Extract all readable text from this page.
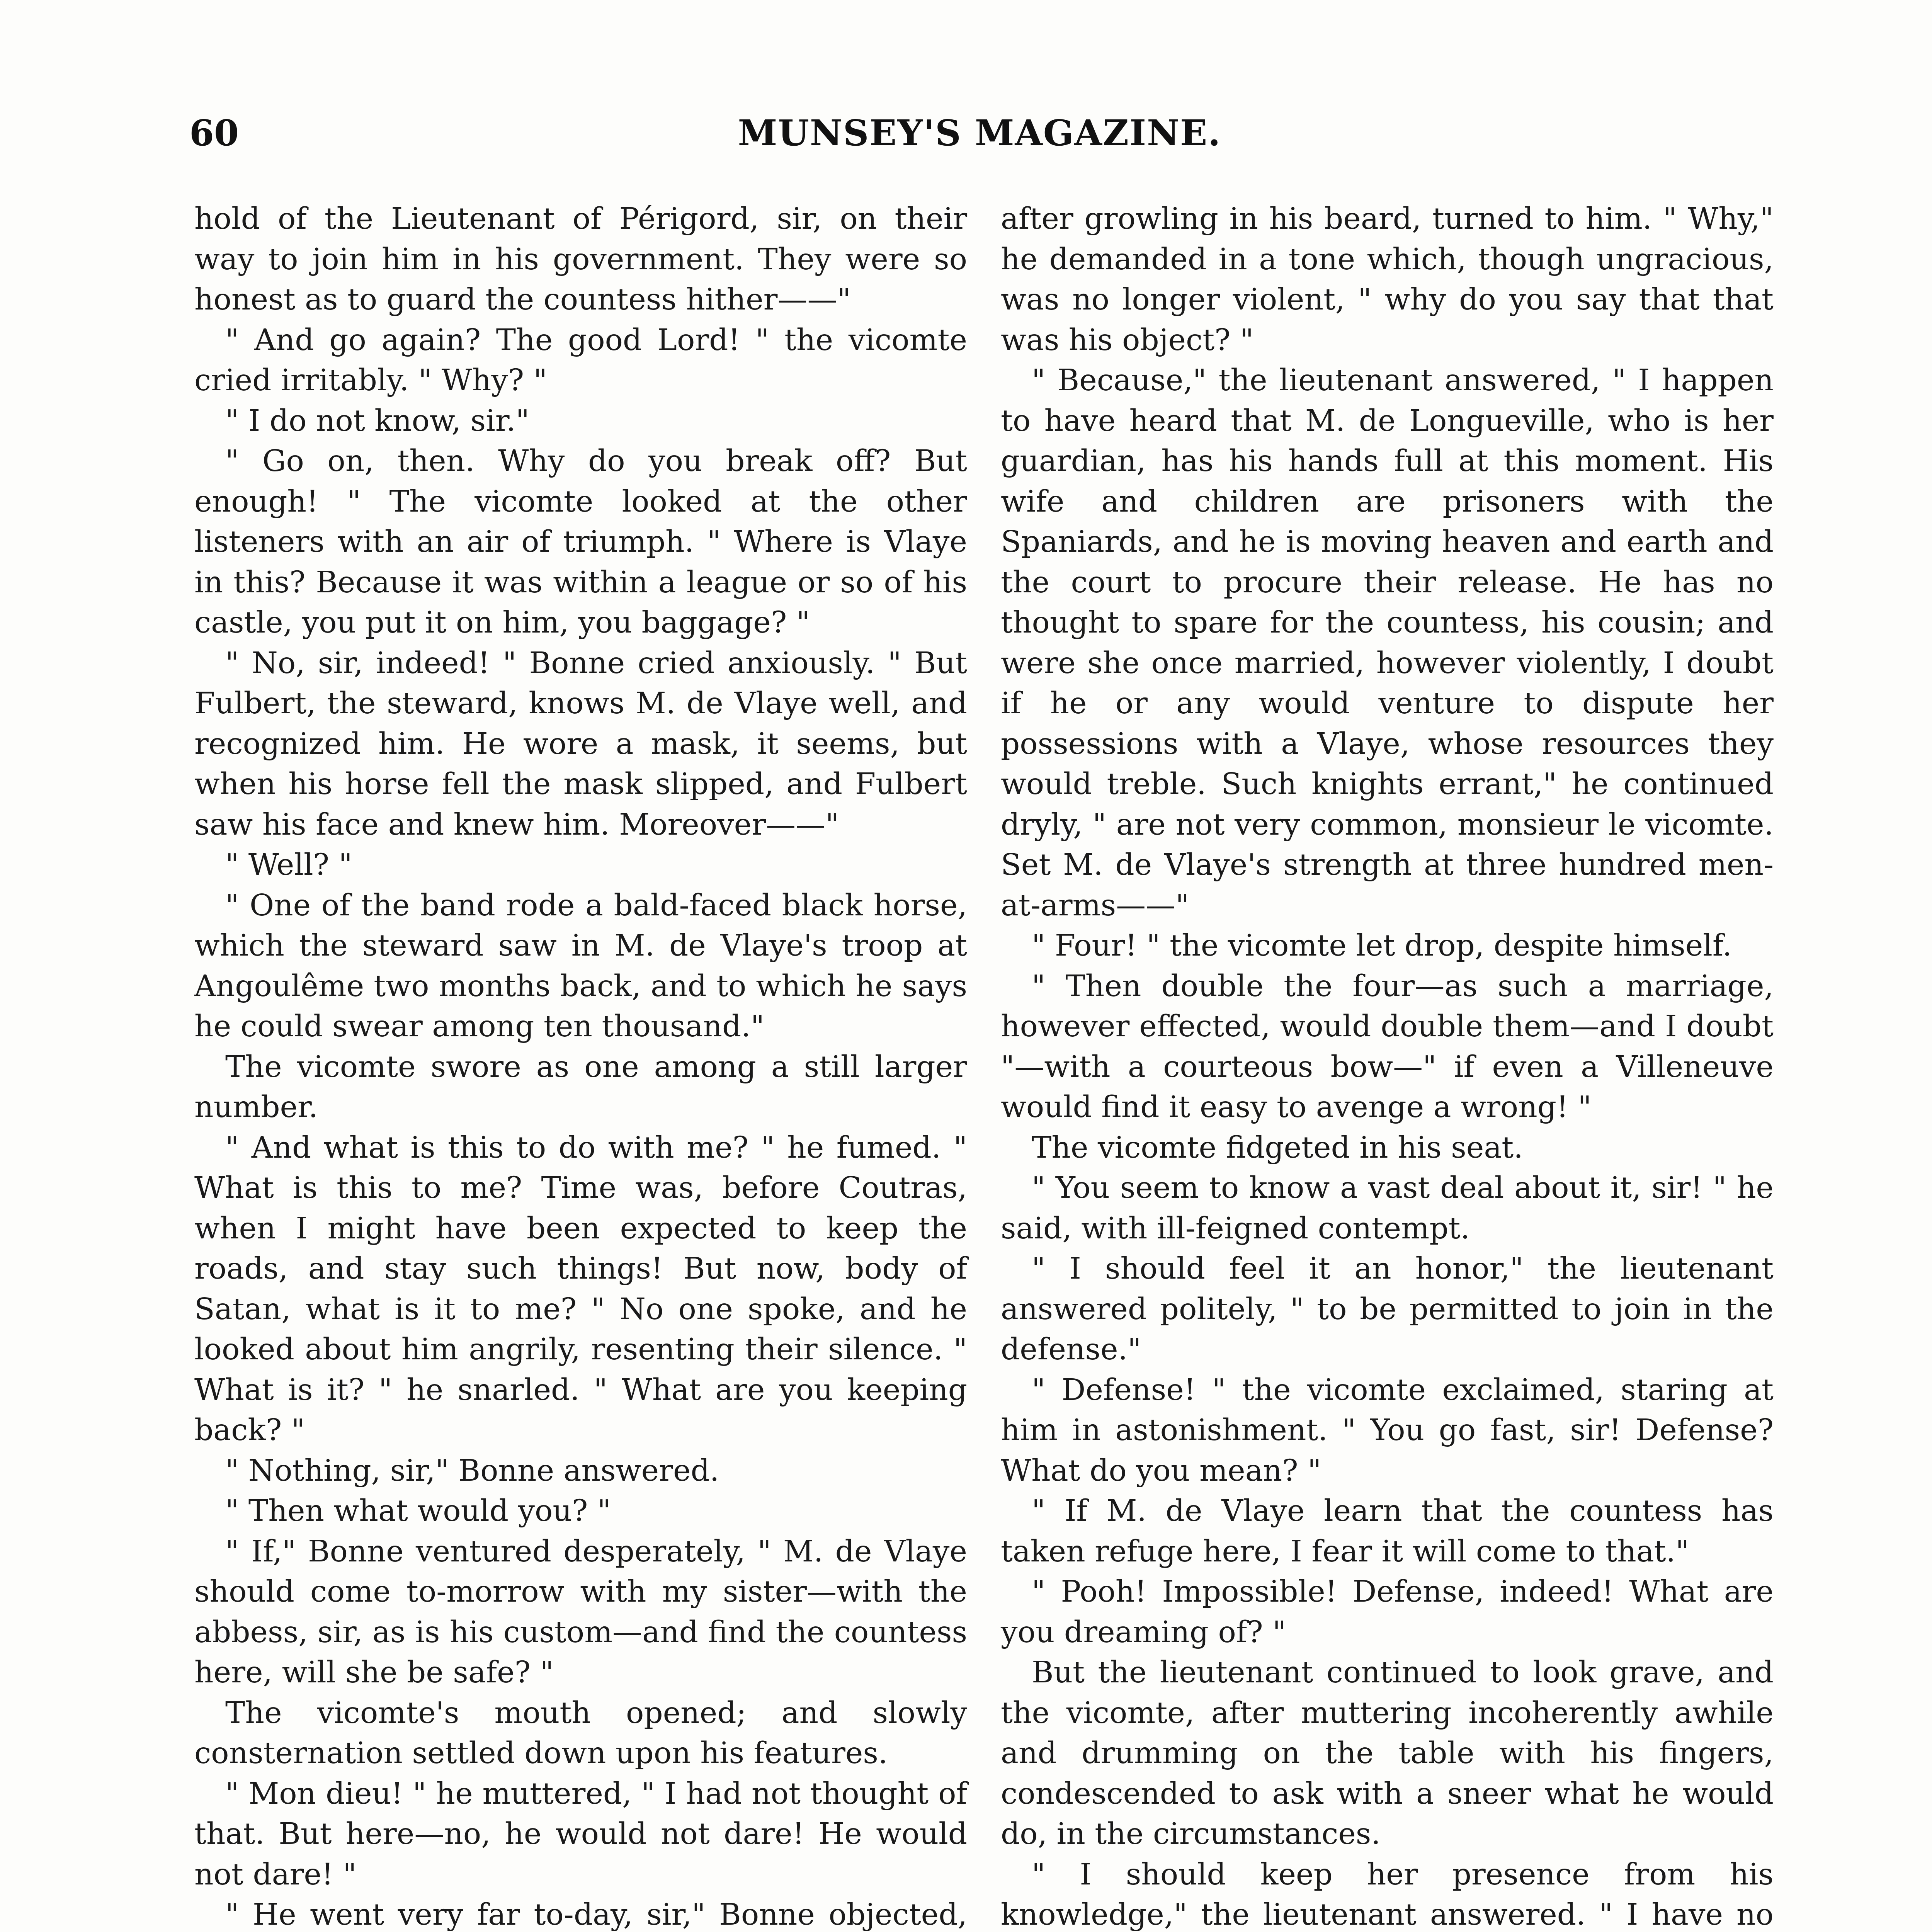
60	MUNSEY'S MAGAZINE.

hold of the Lieutenant of Périgord, sir, on their way to join him in his government. They were so honest as to guard the countess hither——"

" And go again? The good Lord! " the vicomte cried irritably. " Why? "

" I do not know, sir."

" Go on, then. Why do you break off? But enough! " The vicomte looked at the other listeners with an air of triumph. " Where is Vlaye in this? Because it was within a league or so of his castle, you put it on him, you baggage? "

" No, sir, indeed! " Bonne cried anxiously. " But Fulbert, the steward, knows M. de Vlaye well, and recognized him. He wore a mask, it seems, but when his horse fell the mask slipped, and Fulbert saw his face and knew him. Moreover——"

" Well? "

" One of the band rode a bald-faced black horse, which the steward saw in M. de Vlaye's troop at Angoulême two months back, and to which he says he could swear among ten thousand."

The vicomte swore as one among a still larger number.

" And what is this to do with me? " he fumed. " What is this to me? Time was, before Coutras, when I might have been expected to keep the roads, and stay such things! But now, body of Satan, what is it to me? " No one spoke, and he looked about him angrily, resenting their silence. " What is it? " he snarled. " What are you keeping back? "

" Nothing, sir," Bonne answered.

" Then what would you? "

" If," Bonne ventured desperately, " M. de Vlaye should come to-morrow with my sister—with the abbess, sir, as is his custom—and find the countess here, will she be safe? "

The vicomte's mouth opened; and slowly consternation settled down upon his features.

" Mon dieu! " he muttered, " I had not thought of that. But here—no, he would not dare! He would not dare! "

" He went very far to-day, sir," Bonne objected,

after growling in his beard, turned to him. " Why," he demanded in a tone which, though ungracious, was no longer violent, " why do you say that that was his object? "

" Because," the lieutenant answered, " I happen to have heard that M. de Longueville, who is her guardian, has his hands full at this moment. His wife and children are prisoners with the Spaniards, and he is moving heaven and earth and the court to procure their release. He has no thought to spare for the countess, his cousin; and were she once married, however violently, I doubt if he or any would venture to dispute her possessions with a Vlaye, whose resources they would treble. Such knights errant," he continued dryly, " are not very common, monsieur le vicomte. Set M. de Vlaye's strength at three hundred men-at-arms——"

" Four! " the vicomte let drop, despite himself.

" Then double the four—as such a marriage, however effected, would double them—and I doubt "—with a courteous bow—" if even a Villeneuve would find it easy to avenge a wrong! "

The vicomte fidgeted in his seat.

" You seem to know a vast deal about it, sir! " he said, with ill-feigned contempt.

" I should feel it an honor," the lieutenant answered politely, " to be permitted to join in the defense."

" Defense! " the vicomte exclaimed, staring at him in astonishment. " You go fast, sir! Defense? What do you mean? "

" If M. de Vlaye learn that the countess has taken refuge here, I fear it will come to that."

" Pooh! Impossible! Defense, indeed! What are you dreaming of? "

But the lieutenant continued to look grave, and the vicomte, after muttering incoherently awhile and drumming on the table with his fingers, condescended to ask with a sneer what he would do, in the circumstances.

" I should keep her presence from his knowledge," the lieutenant answered. " I have no
